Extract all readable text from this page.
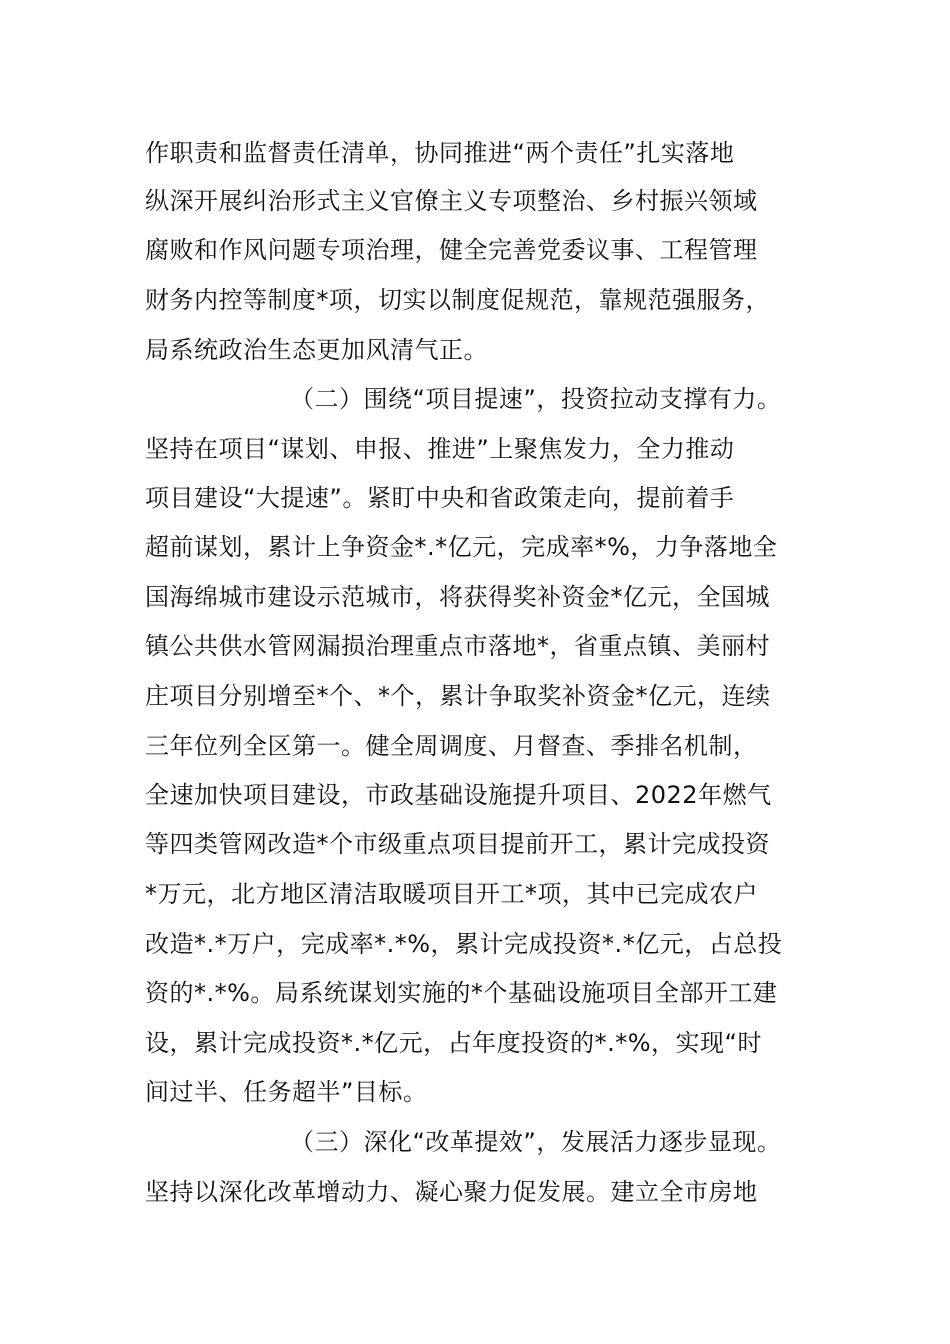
作职责和监督责任清单，协同推进“两个责任”扎实落地

纵深开展纠治形式主义官僚主义专项整治、乡村振兴领域

腐败和作风问题专项治理，健全完善党委议事、工程管理

财务内控等制度*项，切实以制度促规范，靠规范强服务，

局系统政治生态更加风清气正。

（二）围绕“项目提速”，投资拉动支撑有力。

坚持在项目“谋划、申报、推进”上聚焦发力，全力推动

项目建设“大提速”。紧盯中央和省政策走向，提前着手

超前谋划，累计上争资金*.*亿元，完成率*%，力争落地全

国海绵城市建设示范城市，将获得奖补资金*亿元，全国城

镇公共供水管网漏损治理重点市落地*，省重点镇、美丽村

庄项目分别增至*个、*个，累计争取奖补资金*亿元，连续

三年位列全区第一。健全周调度、月督查、季排名机制，

全速加快项目建设，市政基础设施提升项目、2022年燃气

等四类管网改造*个市级重点项目提前开工，累计完成投资

*万元，北方地区清洁取暖项目开工*项，其中已完成农户

改造*.*万户，完成率*.*%，累计完成投资*.*亿元，占总投

资的*.*%。局系统谋划实施的*个基础设施项目全部开工建

设，累计完成投资*.*亿元，占年度投资的*.*%，实现“时

间过半、任务超半”目标。

（三）深化“改革提效”，发展活力逐步显现。

坚持以深化改革增动力、凝心聚力促发展。建立全市房地
